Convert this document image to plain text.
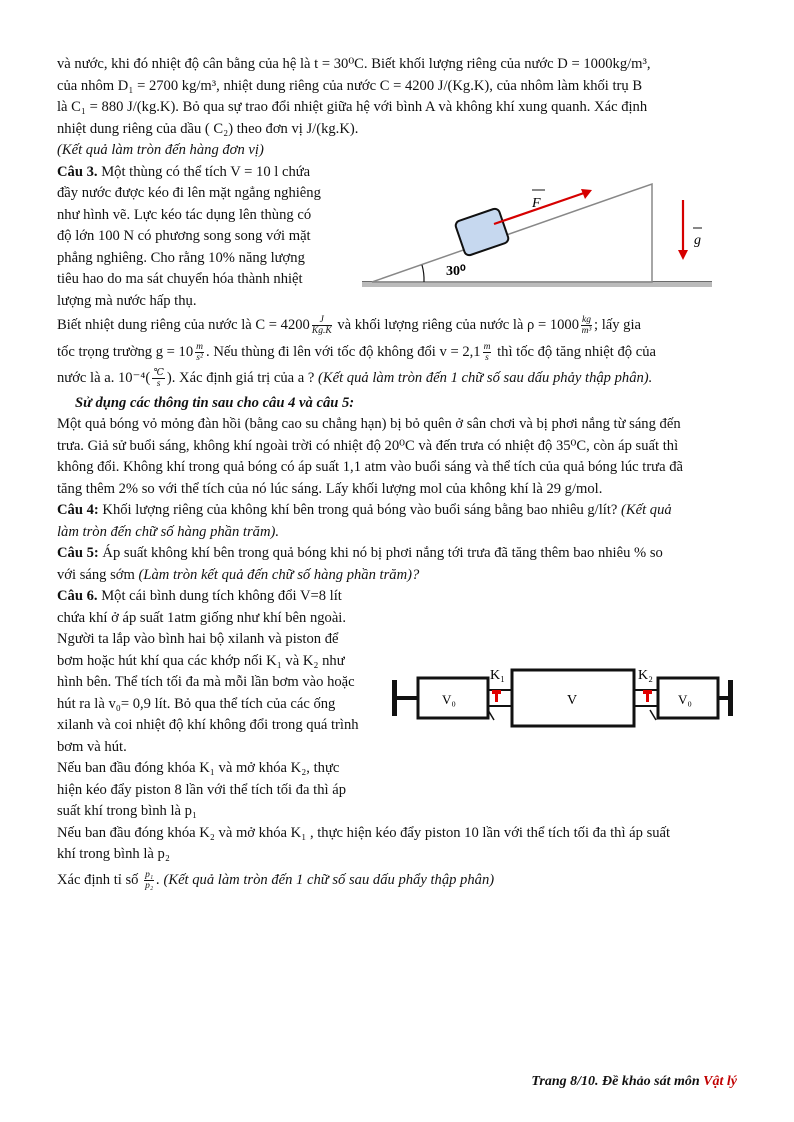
và nước, khi đó nhiệt độ cân bằng của hệ là t = 30⁰C. Biết khối lượng riêng của nước D = 1000kg/m³,

của nhôm D₁ = 2700 kg/m³, nhiệt dung riêng của nước C = 4200 J/(Kg.K), của nhôm làm khối trụ B

là C₁ = 880 J/(kg.K). Bỏ qua sự trao đổi nhiệt giữa hệ với bình A và không khí xung quanh. Xác định

nhiệt dung riêng của dầu ( C₂) theo đơn vị J/(kg.K).

(Kết quả làm tròn đến hàng đơn vị)

Câu 3. Một thùng có thể tích V = 10 l chứa

đầy nước được kéo đi lên mặt ngẳng nghiêng

như hình vẽ. Lực kéo tác dụng lên thùng có

độ lớn 100 N có phương song song với mặt

phẳng nghiêng. Cho rằng 10% năng lượng

tiêu hao do ma sát chuyển hóa thành nhiệt

lượng mà nước hấp thụ.

30⁰
F
g

Biết nhiệt dung riêng của nước là $C = 4200 \frac{J}{Kg.K}$ và khối lượng riêng của nước là $\rho = 1000 \frac{kg}{\text{m³}}$ ; lấy gia

tốc trọng trường $g = 10 \frac{m}{\text{s²}}$ . Nếu thùng đi lên với tốc độ không đổi $v = 2,1 \frac{m}{s}$ thì tốc độ tăng nhiệt độ của

nước là a. $10^{-4}( \frac{℃}{s}$ ). Xác định giá trị của a ? (Kết quả làm tròn đến 1 chữ số sau dấu phảy thập phân).

Sử dụng các thông tin sau cho câu 4 và câu 5:

Một quả bóng vỏ mỏng đàn hồi (bằng cao su chẳng hạn) bị bỏ quên ở sân chơi và bị phơi nắng từ sáng đến

trưa. Giả sử buổi sáng, không khí ngoài trời có nhiệt độ 20⁰C và đến trưa có nhiệt độ 35⁰C, còn áp suất thì

không đổi. Không khí trong quả bóng có áp suất 1,1 atm vào buổi sáng và thể tích của quả bóng lúc trưa đã

tăng thêm 2% so với thể tích của nó lúc sáng. Lấy khối lượng mol của không khí là 29 g/mol.

Câu 4: Khối lượng riêng của không khí bên trong quả bóng vào buổi sáng bằng bao nhiêu g/lít? (Kết quả

làm tròn đến chữ số hàng phần trăm).

Câu 5: Áp suất không khí bên trong quả bóng khi nó bị phơi nắng tới trưa đã tăng thêm bao nhiêu % so

với sáng sớm (Làm tròn kết quả đến chữ số hàng phần trăm)?

Câu 6. Một cái bình dung tích không đổi V=8 lít

chứa khí ở áp suất 1atm giống như khí bên ngoài.

Người ta lắp vào bình hai bộ xilanh và piston để

bơm hoặc hút khí qua các khớp nối K₁ và K₂ như

hình bên. Thể tích tối đa mà mỗi lần bơm vào hoặc

hút ra là v₀= 0,9 lít. Bỏ qua thể tích của các ống

xilanh và coi nhiệt độ khí không đổi trong quá trình

bơm và hút.

Nếu ban đầu đóng khóa K₁ và mở khóa K₂, thực

hiện kéo đẩy piston 8 lần với thể tích tối đa thì áp

suất khí trong bình là p₁

V₀
K₁
V
K₂
V₀

Nếu ban đầu đóng khóa K₂ và mở khóa K₁ , thực hiện kéo đẩy piston 10 lần với thể tích tối đa thì áp suất

khí trong bình là p₂

Xác định tỉ số $\frac{\text{p₁}}{\text{p₂}}$ . (Kết quả làm tròn đến 1 chữ số sau dấu phẩy thập phân)

Trang 8/10. Đề khảo sát môn Vật lý
